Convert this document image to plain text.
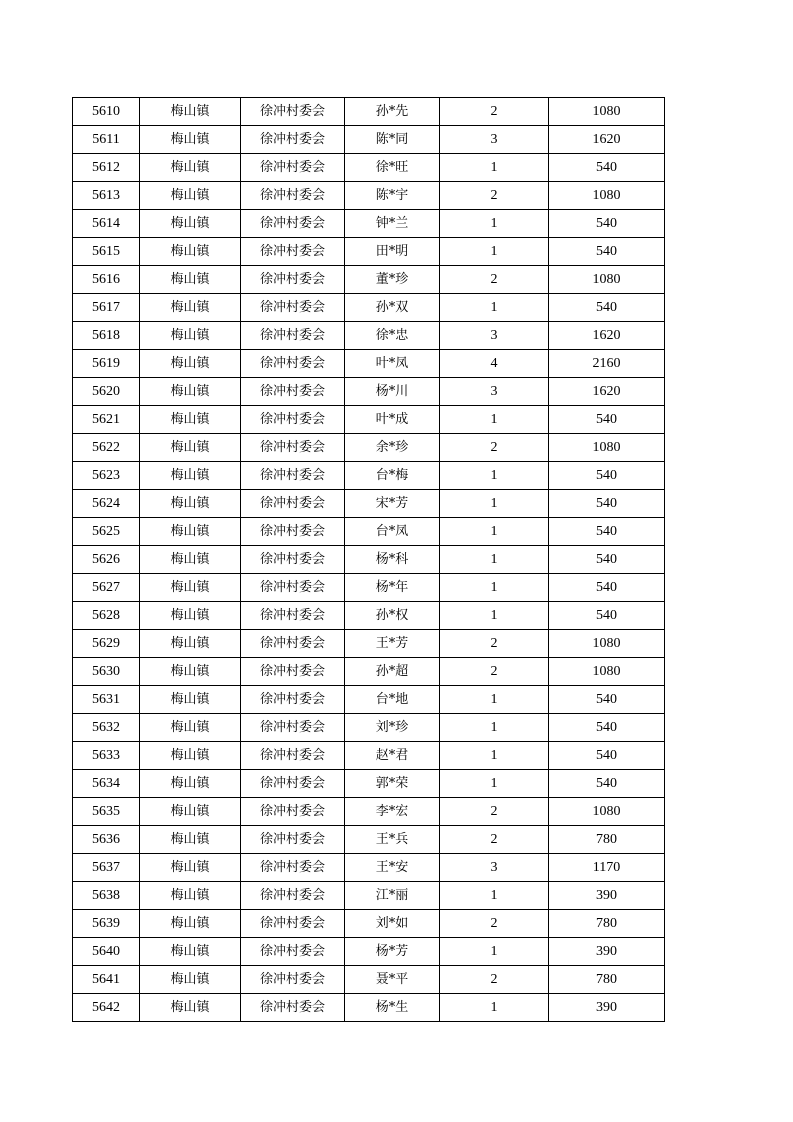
5610	梅山镇	徐冲村委会	孙*先	2	1080
5611	梅山镇	徐冲村委会	陈*同	3	1620
5612	梅山镇	徐冲村委会	徐*旺	1	540
5613	梅山镇	徐冲村委会	陈*宇	2	1080
5614	梅山镇	徐冲村委会	钟*兰	1	540
5615	梅山镇	徐冲村委会	田*明	1	540
5616	梅山镇	徐冲村委会	董*珍	2	1080
5617	梅山镇	徐冲村委会	孙*双	1	540
5618	梅山镇	徐冲村委会	徐*忠	3	1620
5619	梅山镇	徐冲村委会	叶*凤	4	2160
5620	梅山镇	徐冲村委会	杨*川	3	1620
5621	梅山镇	徐冲村委会	叶*成	1	540
5622	梅山镇	徐冲村委会	余*珍	2	1080
5623	梅山镇	徐冲村委会	台*梅	1	540
5624	梅山镇	徐冲村委会	宋*芳	1	540
5625	梅山镇	徐冲村委会	台*凤	1	540
5626	梅山镇	徐冲村委会	杨*科	1	540
5627	梅山镇	徐冲村委会	杨*年	1	540
5628	梅山镇	徐冲村委会	孙*权	1	540
5629	梅山镇	徐冲村委会	王*芳	2	1080
5630	梅山镇	徐冲村委会	孙*超	2	1080
5631	梅山镇	徐冲村委会	台*地	1	540
5632	梅山镇	徐冲村委会	刘*珍	1	540
5633	梅山镇	徐冲村委会	赵*君	1	540
5634	梅山镇	徐冲村委会	郭*荣	1	540
5635	梅山镇	徐冲村委会	李*宏	2	1080
5636	梅山镇	徐冲村委会	王*兵	2	780
5637	梅山镇	徐冲村委会	王*安	3	1170
5638	梅山镇	徐冲村委会	江*丽	1	390
5639	梅山镇	徐冲村委会	刘*如	2	780
5640	梅山镇	徐冲村委会	杨*芳	1	390
5641	梅山镇	徐冲村委会	聂*平	2	780
5642	梅山镇	徐冲村委会	杨*生	1	390
